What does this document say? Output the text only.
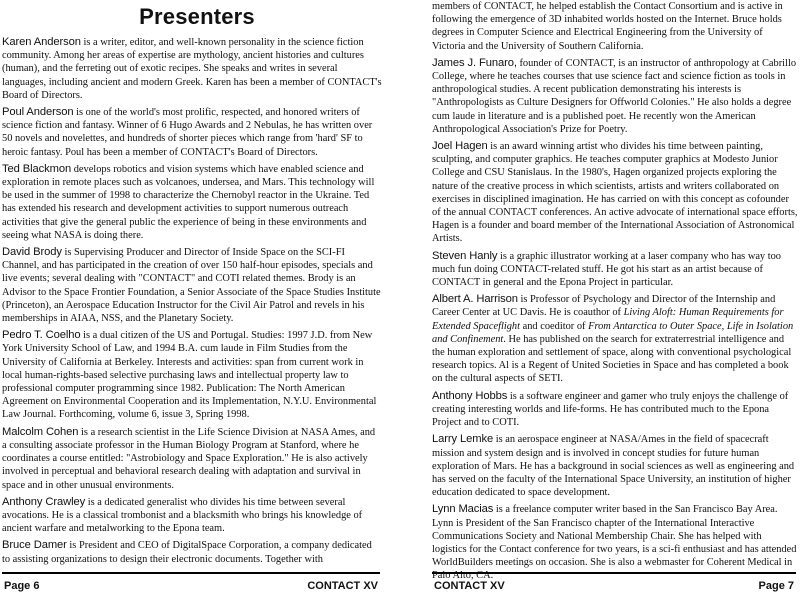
Presenters

Karen Anderson is a writer, editor, and well-known personality in the science fiction community. Among her areas of expertise are mythology, ancient histories and cultures (human), and the ferreting out of exotic recipes. She speaks and writes in several languages, including ancient and modern Greek. Karen has been a member of CONTACT's Board of Directors.

Poul Anderson is one of the world's most prolific, respected, and honored writers of science fiction and fantasy. Winner of 6 Hugo Awards and 2 Nebulas, he has written over 50 novels and novelettes, and hundreds of shorter pieces which range from 'hard' SF to heroic fantasy. Poul has been a member of CONTACT's Board of Directors.

Ted Blackmon develops robotics and vision systems which have enabled science and exploration in remote places such as volcanoes, undersea, and Mars. This technology will be used in the summer of 1998 to characterize the Chernobyl reactor in the Ukraine. Ted has extended his research and development activities to support numerous outreach activities that give the general public the experience of being in these environments and seeing what NASA is doing there.

David Brody is Supervising Producer and Director of Inside Space on the SCI-FI Channel, and has participated in the creation of over 150 half-hour episodes, specials and live events; several dealing with "CONTACT" and COTI related themes. Brody is an Advisor to the Space Frontier Foundation, a Senior Associate of the Space Studies Institute (Princeton), an Aerospace Education Instructor for the Civil Air Patrol and revels in his memberships in AIAA, NSS, and the Planetary Society.

Pedro T. Coelho is a dual citizen of the US and Portugal. Studies: 1997 J.D. from New York University School of Law, and 1994 B.A. cum laude in Film Studies from the University of California at Berkeley. Interests and activities: span from current work in local human-rights-based selective purchasing laws and intellectual property law to professional computer programming since 1982. Publication: The North American Agreement on Environmental Cooperation and its Implementation, N.Y.U. Environmental Law Journal. Forthcoming, volume 6, issue 3, Spring 1998.

Malcolm Cohen is a research scientist in the Life Science Division at NASA Ames, and a consulting associate professor in the Human Biology Program at Stanford, where he coordinates a course entitled: "Astrobiology and Space Exploration." He is also actively involved in perceptual and behavioral research dealing with adaptation and survival in space and in other unusual environments.

Anthony Crawley is a dedicated generalist who divides his time between several avocations. He is a classical trombonist and a blacksmith who brings his knowledge of ancient warfare and metalworking to the Epona team.

Bruce Damer is President and CEO of DigitalSpace Corporation, a company dedicated to assisting organizations to design their electronic documents. Together with

Page 6	CONTACT XV

members of CONTACT, he helped establish the Contact Consortium and is active in following the emergence of 3D inhabited worlds hosted on the Internet. Bruce holds degrees in Computer Science and Electrical Engineering from the University of Victoria and the University of Southern California.

James J. Funaro, founder of CONTACT, is an instructor of anthropology at Cabrillo College, where he teaches courses that use science fact and science fiction as tools in anthropological studies. A recent publication demonstrating his interests is "Anthropologists as Culture Designers for Offworld Colonies." He also holds a degree cum laude in literature and is a published poet. He recently won the American Anthropological Association's Prize for Poetry.

Joel Hagen is an award winning artist who divides his time between painting, sculpting, and computer graphics. He teaches computer graphics at Modesto Junior College and CSU Stanislaus. In the 1980's, Hagen organized projects exploring the nature of the creative process in which scientists, artists and writers collaborated on exercises in disciplined imagination. He has carried on with this concept as cofounder of the annual CONTACT conferences. An active advocate of international space efforts, Hagen is a founder and board member of the International Association of Astronomical Artists.

Steven Hanly is a graphic illustrator working at a laser company who has way too much fun doing CONTACT-related stuff. He got his start as an artist because of CONTACT in general and the Epona Project in particular.

Albert A. Harrison is Professor of Psychology and Director of the Internship and Career Center at UC Davis. He is coauthor of Living Aloft: Human Requirements for Extended Spaceflight and coeditor of From Antarctica to Outer Space, Life in Isolation and Confinement. He has published on the search for extraterrestrial intelligence and the human exploration and settlement of space, along with conventional psychological research topics. Al is a Regent of United Societies in Space and has completed a book on the cultural aspects of SETI.

Anthony Hobbs is a software engineer and gamer who truly enjoys the challenge of creating interesting worlds and life-forms. He has contributed much to the Epona Project and to COTI.

Larry Lemke is an aerospace engineer at NASA/Ames in the field of spacecraft mission and system design and is involved in concept studies for future human exploration of Mars. He has a background in social sciences as well as engineering and has served on the faculty of the International Space University, an institution of higher education dedicated to space development.

Lynn Macias is a freelance computer writer based in the San Francisco Bay Area. Lynn is President of the San Francisco chapter of the International Interactive Communications Society and National Membership Chair. She has helped with logistics for the Contact conference for two years, is a sci-fi enthusiast and has attended WorldBuilders meetings on occasion. She is also a webmaster for Coherent Medical in Palo Alto, CA.

CONTACT XV	Page 7
